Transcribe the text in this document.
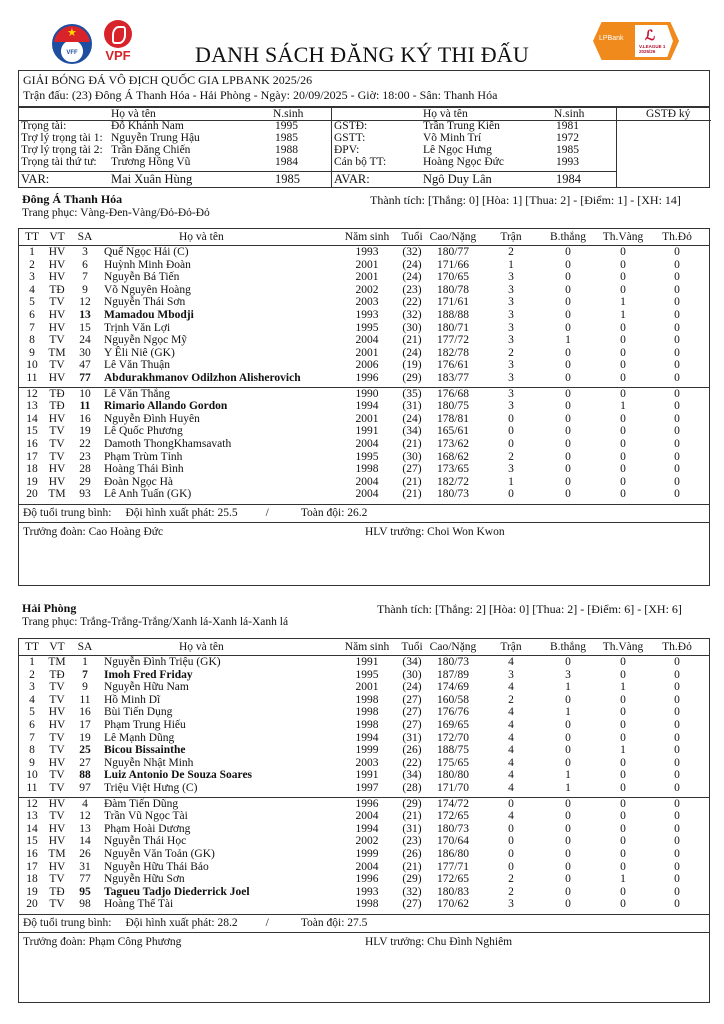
★
VFF	VPF
LPBank ℒ
V.LEAGUE 1
2025/26
DANH SÁCH ĐĂNG KÝ THI ĐẤU
GIẢI BÓNG ĐÁ VÔ ĐỊCH QUỐC GIA LPBANK 2025/26
Trận đấu: (23) Đông Á Thanh Hóa - Hải Phòng - Ngày: 20/09/2025 - Giờ: 18:00 - Sân: Thanh Hóa
Họ và tên	N.sinh	Họ và tên	N.sinh	GSTĐ ký
Trọng tài:	Đỗ Khánh Nam	1995
Trợ lý trọng tài 1: Nguyễn Trung Hậu	1985
Trợ lý trọng tài 2: Trần Đăng Chiến	1988
Trọng tài thứ tư: Trương Hồng Vũ	1984
VAR:	Mai Xuân Hùng	1985
GSTĐ:	Trần Trung Kiên	1981
GSTT:	Võ Minh Trí	1972
ĐPV:	Lê Ngọc Hưng	1985
Cán bộ TT:	Hoàng Ngọc Đức	1993
AVAR:	Ngô Duy Lân	1984
Đông Á Thanh Hóa	Thành tích: [Thắng: 0] [Hòa: 1] [Thua: 2] - [Điểm: 1] - [XH: 14]
Trang phục: Vàng-Đen-Vàng/Đỏ-Đỏ-Đỏ
TT VT	SA	Họ và tên	Năm sinh	Tuổi Cao/Nặng	Trận	B.thắng	Th.Vàng	Th.Đỏ
1	HV	3	Quế Ngọc Hải (C)	1993	(32)	180/77	2	0	0	0
2	HV	6	Huỳnh Minh Đoàn	2001	(24)	171/66	1	0	0	0
3	HV	7	Nguyễn Bá Tiến	2001	(24)	170/65	3	0	0	0
4	TĐ	9	Võ Nguyên Hoàng	2002	(23)	180/78	3	0	0	0
5	TV	12	Nguyễn Thái Sơn	2003	(22)	171/61	3	0	1	0
6	HV	13	Mamadou Mbodji	1993	(32)	188/88	3	0	1	0
7	HV	15	Trịnh Văn Lợi	1995	(30)	180/71	3	0	0	0
8	TV	24	Nguyễn Ngọc Mỹ	2004	(21)	177/72	3	1	0	0
9	TM	30	Y Êli Niê (GK)	2001	(24)	182/78	2	0	0	0
10	TV	47	Lê Văn Thuận	2006	(19)	176/61	3	0	0	0
11 HV	77	Abdurakhmanov Odilzhon Alisherovich	1996	(29)	183/77	3	0	0	0
12	TĐ	10	Lê Văn Thắng	1990	(35)	176/68	3	0	0	0
13	TĐ	11	Rimario Allando Gordon	1994	(31)	180/75	3	0	1	0
14 HV	16	Nguyễn Đình Huyên	2001	(24)	178/81	0	0	0	0
15	TV	19	Lê Quốc Phương	1991	(34)	165/61	0	0	0	0
16	TV	22	Damoth ThongKhamsavath	2004	(21)	173/62	0	0	0	0
17	TV	23	Phạm Trùm Tỉnh	1995	(30)	168/62	2	0	0	0
18 HV	28	Hoàng Thái Bình	1998	(27)	173/65	3	0	0	0
19 HV	29	Đoàn Ngọc Hà	2004	(21)	182/72	1	0	0	0
20 TM	93	Lê Anh Tuấn (GK)	2004	(21)	180/73	0	0	0	0
Độ tuổi trung bình: Đội hình xuất phát: 25.5 /	Toàn đội: 26.2
Trưởng đoàn: Cao Hoàng Đức	HLV trưởng: Choi Won Kwon
Hải Phòng	Thành tích: [Thắng: 2] [Hòa: 0] [Thua: 2] - [Điểm: 6] - [XH: 6]
Trang phục: Trắng-Trắng-Trắng/Xanh lá-Xanh lá-Xanh lá
TT VT	SA	Họ và tên	Năm sinh	Tuổi Cao/Nặng	Trận	B.thắng	Th.Vàng	Th.Đỏ
1	TM	1	Nguyễn Đình Triệu (GK)	1991	(34)	180/73	4	0	0	0
2	TĐ	7	Imoh Fred Friday	1995	(30)	187/89	3	3	0	0
3	TV	9	Nguyễn Hữu Nam	2001	(24)	174/69	4	1	1	0
4	TV	11	Hồ Minh Dĩ	1998	(27)	160/58	2	0	0	0
5	HV	16	Bùi Tiến Dụng	1998	(27)	176/76	4	1	0	0
6	HV	17	Phạm Trung Hiếu	1998	(27)	169/65	4	0	0	0
7	TV	19	Lê Mạnh Dũng	1994	(31)	172/70	4	0	0	0
8	TV	25	Bicou Bissainthe	1999	(26)	188/75	4	0	1	0
9	HV	27	Nguyễn Nhật Minh	2003	(22)	175/65	4	0	0	0
10	TV	88	Luiz Antonio De Souza Soares	1991	(34)	180/80	4	1	0	0
11	TV	97	Triệu Việt Hưng (C)	1997	(28)	171/70	4	1	0	0
12 HV	4	Đàm Tiến Dũng	1996	(29)	174/72	0	0	0	0
13	TV	12	Trần Vũ Ngọc Tài	2004	(21)	172/65	4	0	0	0
14 HV	13	Phạm Hoài Dương	1994	(31)	180/73	0	0	0	0
15 HV	14	Nguyễn Thái Học	2002	(23)	170/64	0	0	0	0
16 TM	26	Nguyễn Văn Toản (GK)	1999	(26)	186/80	0	0	0	0
17 HV	31	Nguyễn Hữu Thái Bảo	2004	(21)	177/71	0	0	0	0
18	TV	77	Nguyễn Hữu Sơn	1996	(29)	172/65	2	0	1	0
19	TĐ	95	Tagueu Tadjo Diederrick Joel	1993	(32)	180/83	2	0	0	0
20	TV	98	Hoàng Thế Tài	1998	(27)	170/62	3	0	0	0
Độ tuổi trung bình: Đội hình xuất phát: 28.2 /	Toàn đội: 27.5
Trưởng đoàn: Phạm Công Phương	HLV trưởng: Chu Đình Nghiêm
